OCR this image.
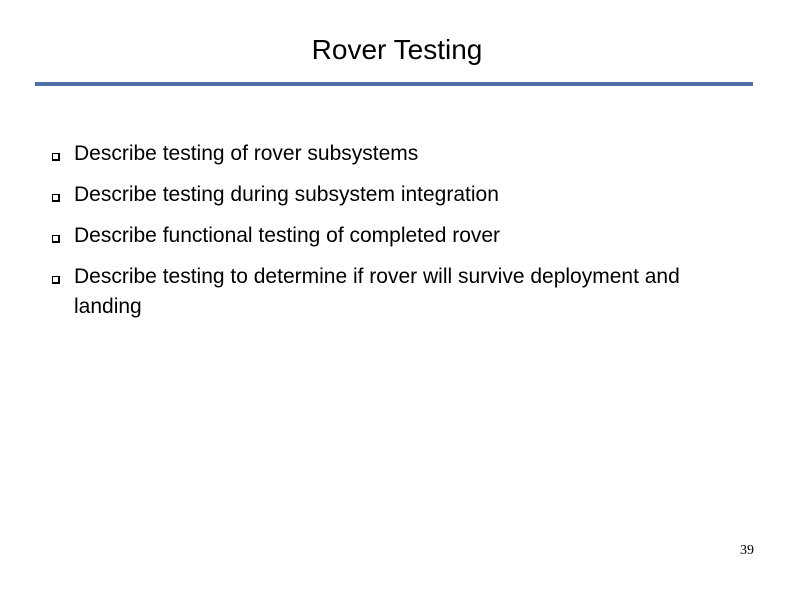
Rover Testing
Describe testing of rover subsystems
Describe testing during subsystem integration
Describe functional testing of completed rover
Describe testing to determine if rover will survive deployment and landing
39
